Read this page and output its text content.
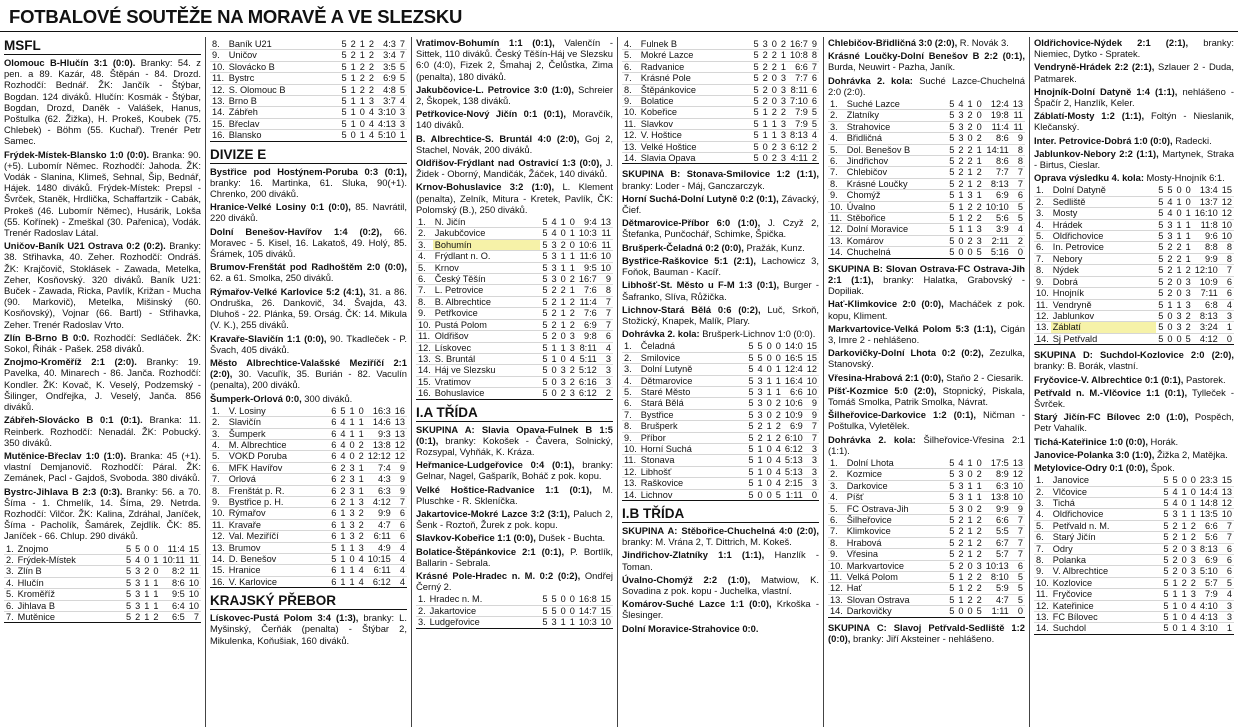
FOTBALOVÉ SOUTĚŽE NA MORAVĚ A VE SLEZSKU
MSFL
Olomouc B-Hlučín 3:1 (0:0). Branky: 54. z pen. a 89. Kazár, 48. Štěpán - 84. Drozd. Rozhodčí: Bednář. ŽK: Jančík - Štýbar, Bogdan. 124 diváků. Hlučín: Kosmák - Štýbar, Bogdan, Drozd, Daněk - Valášek, Hanus, Poštulka (62. Žižka), H. Prokeš, Koubek (75. Chlebek) - Böhm (55. Kuchař). Trenér Petr Samec.
Frýdek-Místek-Blansko 1:0 (0:0). Branka: 90. (+5). Lubomír Němec. Rozhodčí: Jahoda. ŽK: Vodák - Slanina, Klimeš, Sehnal, Šip, Bednář, Hájek. 1480 diváků. Frýdek-Místek: Prepsl - Švrček, Staněk, Hrdlička, Schaffartzik - Cabák, Prokeš (46. Lubomír Němec), Husárik, Lokša (55. Kořínek) - Zmeškal (30. Pařenica), Vodák. Trenér Radoslav Látal.
Uničov-Baník U21 Ostrava 0:2 (0:2). Branky: 38. Střihavka, 40. Zeher. Rozhodčí: Ondráš. ŽK: Krajčovič, Stoklásek - Zawada, Metelka, Zeher, Kosňovský. 320 diváků. Baník U21: Buček - Zawada, Ricka, Pavlík, Križan - Mucha (90. Markovič), Metelka, Mišinský (60. Kosňovský), Vojnar (66. Bartl) - Střihavka, Zeher. Trenér Radoslav Vrto.
Zlín B-Brno B 0:0. Rozhodčí: Sedláček. ŽK: Sokol, Řihák - Pašek. 258 diváků.
Znojmo-Kroměříž 2:1 (2:0). Branky: 19. Pavelka, 40. Minarech - 86. Janča. Rozhodčí: Kondler. ŽK: Kovač, K. Veselý, Podzemský - Šilinger, Ondřejka, J. Veselý, Janča. 856 diváků.
Zábřeh-Slovácko B 0:1 (0:1). Branka: 11. Reinberk. Rozhodčí: Nenadál. ŽK: Pobucký. 350 diváků.
Mutěnice-Břeclav 1:0 (1:0). Branka: 45 (+1). vlastní Demjanovič. Rozhodčí: Páral. ŽK: Zemánek, Pacl - Gajdoš, Svoboda. 380 diváků.
Bystrc-Jihlava B 2:3 (0:3). Branky: 56. a 70. Šíma - 1. Chmelík, 14. Šíma, 29. Netrda. Rozhodčí: Vilčor. ŽK: Kalina, Zdráhal, Janíček, Šíma - Pacholík, Šamárek, Zejdlík. ČK: 85. Janíček - 66. Chlup. 290 diváků.
1.	Znojmo	5	5	0	0	11:4	15
2.	Frýdek-Místek	5	4	0	1	10:11	11
3.	Zlín B	5	3	2	0	8:2	11
4.	Hlučín	5	3	1	1	8:6	10
5.	Kroměříž	5	3	1	1	9:5	10
6.	Jihlava B	5	3	1	1	6:4	10
7.	Mutěnice	5	2	1	2	6:5	7
8.	Baník U21	5	2	1	2	4:3	7
9.	Uničov	5	2	1	2	3:4	7
10.	Slovácko B	5	1	2	2	3:5	5
11.	Bystrc	5	1	2	2	6:9	5
12.	S. Olomouc B	5	1	2	2	4:8	5
13.	Brno B	5	1	1	3	3:7	4
14.	Zábřeh	5	1	0	4	3:10	3
15.	Břeclav	5	1	0	4	4:13	3
16.	Blansko	5	0	1	4	5:10	1
DIVIZE E
Bystřice pod Hostýnem-Poruba 0:3 (0:1), branky: 16. Martinka, 61. Sluka, 90(+1). Chrenko, 200 diváků.
Hranice-Velké Losiny 0:1 (0:0), 85. Navrátil, 220 diváků.
Dolní Benešov-Havířov 1:4 (0:2), 66. Moravec - 5. Kisel, 16. Lakatoš, 49. Holý, 85. Šrámek, 105 diváků.
Brumov-Frenštát pod Radhoštěm 2:0 (0:0), 62. a 61. Smolka, 250 diváků.
Rýmařov-Velké Karlovice 5:2 (4:1), 31. a 86. Ondruška, 26. Dankovič, 34. Švajda, 43. Dluhoš - 22. Plánka, 59. Orság. ČK: 14. Mikula (V. K.), 255 diváků.
Kravaře-Slavičín 1:1 (0:0), 90. Tkadleček - P. Švach, 405 diváků.
Město Albrechtice-Valašské Meziříčí 2:1 (2:0), 30. Vacuľík, 35. Burián - 82. Vaculín (penalta), 200 diváků.
Šumperk-Orlová 0:0, 300 diváků.
1.	V. Losiny	6	5	1	0	16:3	16
2.	Slavičín	6	4	1	1	14:6	13
3.	Šumperk	6	4	1	1	9:3	13
4.	M. Albrechtice	6	4	0	2	13:8	12
5.	VOKD Poruba	6	4	0	2	12:12	12
6.	MFK Havířov	6	2	3	1	7:4	9
7.	Orlová	6	2	3	1	4:3	9
8.	Frenštát p. R.	6	2	3	1	6:3	9
9.	Bystřice p. H.	6	2	1	3	4:12	7
10.	Rýmařov	6	1	3	2	9:9	6
11.	Kravaře	6	1	3	2	4:7	6
12.	Val. Meziříčí	6	1	3	2	6:11	6
13.	Brumov	5	1	1	3	4:9	4
14.	D. Benešov	5	1	0	4	10:15	4
15.	Hranice	6	1	1	4	6:11	4
16.	V. Karlovice	6	1	1	4	6:12	4
KRAJSKÝ PŘEBOR
Lískovec-Pustá Polom 3:4 (1:3), branky: L. Myšinský, Čerňák (penalta) - Štýbar 2, Mikulenka, Koňušiak, 160 diváků.
Vratimov-Bohumín 1:1 (0:1), Valenčín - Sittek, 110 diváků. Český Těšín-Háj ve Slezsku 6:0 (4:0), Fizek 2, Šmahaj 2, Čelůstka, Zima (penalta), 180 diváků.
Jakubčovice-L. Petrovice 3:0 (1:0), Schreier 2, Škopek, 138 diváků.
Petřkovice-Nový Jičín 0:1 (0:1), Moravčík, 140 diváků.
B. Albrechtice-S. Bruntál 4:0 (2:0), Goj 2, Stachel, Novák, 200 diváků.
Oldřišov-Frýdlant nad Ostravicí 1:3 (0:0), J. Židek - Oborný, Mandičák, Žáček, 140 diváků.
Krnov-Bohuslavice 3:2 (1:0), L. Klement (penalta), Zelník, Mitura - Kretek, Pavlík, ČK: Polomský (B.), 250 diváků.
1.	N. Jičín	5	4	1	0	9:4	13
2.	Jakubčovice	5	4	0	1	10:3	11
3.	Bohumín	5	3	2	0	10:6	11
4.	Frýdlant n. O.	5	3	1	1	11:6	10
5.	Krnov	5	3	1	1	9:5	10
6.	Český Těšín	5	3	0	2	16:7	9
7.	L. Petrovice	5	2	2	1	7:6	8
8.	B. Albrechtice	5	2	1	2	11:4	7
9.	Petřkovice	5	2	1	2	7:6	7
10.	Pustá Polom	5	2	1	2	6:9	7
11.	Oldřišov	5	2	0	3	9:8	6
12.	Lískovec	5	1	1	3	8:11	4
13.	S. Bruntál	5	1	0	4	5:11	3
14.	Háj ve Slezsku	5	0	3	2	5:12	3
15.	Vratimov	5	0	3	2	6:16	3
16.	Bohuslavice	5	0	2	3	6:12	2
I.A TŘÍDA
SKUPINA A: Slavia Opava-Fulnek B 1:5 (0:1), branky: Kokošek - Čavera, Solnický, Rozsypal, Vyhňák, K. Kráza.
Heřmanice-Ludgeřovice 0:4 (0:1), branky: Gelnar, Nagel, Gašparík, Boháč z pok. kopu.
Velké Hoštice-Radvanice 1:1 (0:1), M. Pluschke - R. Skleníčka.
Jakartovice-Mokré Lazce 3:2 (3:1), Paluch 2, Šenk - Roztoň, Žurek z pok. kopu.
Slavkov-Kobeřice 1:1 (0:0), Dušek - Buchta.
Bolatice-Štěpánkovice 2:1 (0:1), P. Bortlík, Ballarin - Sebrala.
Krásné Pole-Hradec n. M. 0:2 (0:2), Ondřej Černý 2.
1.	Hradec n. M.	5	5	0	0	16:8	15
2.	Jakartovice	5	5	0	0	14:7	15
3.	Ludgeřovice	5	3	1	1	10:3	10
4.	Fulnek B	5	3	0	2	16:7	9
5.	Mokré Lazce	5	2	2	1	10:8	8
6.	Radvanice	5	2	2	1	6:6	7
7.	Krásné Pole	5	2	0	3	7:7	6
8.	Štěpánkovice	5	2	0	3	8:11	6
9.	Bolatice	5	2	0	3	7:10	6
10.	Kobeřice	5	1	2	2	7:9	5
11.	Slavkov	5	1	1	3	7:9	5
12.	V. Hoštice	5	1	1	3	8:13	4
13.	Velké Hoštice	5	0	2	3	6:12	2
14.	Slavia Opava	5	0	2	3	4:11	2
SKUPINA B: Stonava-Smilovice 1:2 (1:1), branky: Loder - Máj, Ganczarczyk.
Horní Suchá-Dolní Lutyně 0:2 (0:1), Závacký, Čief.
Dětmarovice-Příbor 6:0 (1:0), J. Czyž 2, Štefanka, Punčochář, Schimke, Špička.
Brušperk-Čeladná 0:2 (0:0), Pražák, Kunz.
Bystřice-Raškovice 5:1 (2:1), Lachowicz 3, Foňok, Bauman - Kacíř.
Libhošť-St. Město u F-M 1:3 (0:1), Burger - Šafranko, Slíva, Růžička.
Lichnov-Stará Bělá 0:6 (0:2), Luč, Srkoň, Stožický, Knapek, Malík, Plary.
Dohrávka 2. kola: Brušperk-Lichnov 1:0 (0:0).
1.	Čeladná	5	5	0	0	14:0	15
2.	Smilovice	5	5	0	0	16:5	15
3.	Dolní Lutyně	5	4	0	1	12:4	12
4.	Dětmarovice	5	3	1	1	16:4	10
5.	Staré Město	5	3	1	1	6:6	10
6.	Stará Bělá	5	3	0	2	10:6	9
7.	Bystřice	5	3	0	2	10:9	9
8.	Brušperk	5	2	1	2	6:9	7
9.	Příbor	5	2	1	2	6:10	7
10.	Horní Suchá	5	1	0	4	6:12	3
11.	Stonava	5	1	0	4	5:13	3
12.	Libhošť	5	1	0	4	5:13	3
13.	Raškovice	5	1	0	4	2:15	3
14.	Lichnov	5	0	0	5	1:11	0
I.B TŘÍDA
SKUPINA A: Stěbořice-Chuchelná 4:0 (2:0), branky: M. Vrána 2, T. Dittrich, M. Kokeš.
Jindřichov-Zlatníky 1:1 (1:1), Hanzlík - Toman.
Úvalno-Chomýž 2:2 (1:0), Matwiow, K. Sovadina z pok. kopu - Juchelka, vlastní.
Komárov-Suché Lazce 1:1 (0:0), Krkoška - Šlesinger.
Dolní Moravice-Strahovice 0:0.
Chlebičov-Břidličná 3:0 (2:0), R. Novák 3.
Krásné Loučky-Dolní Benešov B 2:2 (0:1), Burda, Neuwirt - Pazha, Janík.
Dohrávka 2. kola: Suché Lazce-Chuchelná 2:0 (2:0).
1.	Suché Lazce	5	4	1	0	12:4	13
2.	Zlatníky	5	3	2	0	19:8	11
3.	Strahovice	5	3	2	0	11:4	11
4.	Břidličná	5	3	0	2	8:6	9
5.	Dol. Benešov B	5	2	2	1	14:11	8
6.	Jindřichov	5	2	2	1	8:6	8
7.	Chlebičov	5	2	1	2	7:7	7
8.	Krásné Loučky	5	2	1	2	8:13	7
9.	Chomýž	5	1	3	1	6:9	6
10.	Úvalno	5	1	2	2	10:10	5
11.	Stěbořice	5	1	2	2	5:6	5
12.	Dolní Moravice	5	1	1	3	3:9	4
13.	Komárov	5	0	2	3	2:11	2
14.	Chuchelná	5	0	0	5	5:16	0
SKUPINA B: Slovan Ostrava-FC Ostrava-Jih 2:1 (1:1), branky: Halatka, Grabovský - Dopiliak.
Hať-Klimkovice 2:0 (0:0), Macháček z pok. kopu, Kliment.
Markvartovice-Velká Polom 5:3 (1:1), Cigán 3, Imre 2 - nehlášeno.
Darkovičky-Dolní Lhota 0:2 (0:2), Zezulka, Stanovský.
Vřesina-Hrabová 2:1 (0:0), Staňo 2 - Ciesarik.
Píšť-Kozmice 5:0 (2:0), Stopnický, Piskala, Tomáš Smolka, Patrik Smolka, Návrat.
Šilheřovice-Darkovice 1:2 (0:1), Ničman - Poštulka, Vyletělek.
Dohrávka 2. kola: Šilheřovice-Vřesina 2:1 (1:1).
1.	Dolní Lhota	5	4	1	0	17:5	13
2.	Kozmice	5	3	0	2	8:9	12
3.	Darkovice	5	3	1	1	6:3	10
4.	Píšť	5	3	1	1	13:8	10
5.	FC Ostrava-Jih	5	3	0	2	9:9	9
6.	Šilheřovice	5	2	1	2	6:6	7
7.	Klimkovice	5	2	1	2	5:5	7
8.	Hrabová	5	2	1	2	6:7	7
9.	Vřesina	5	2	1	2	5:7	7
10.	Markvartovice	5	2	0	3	10:13	6
11.	Velká Polom	5	1	2	2	8:10	5
12.	Hať	5	1	2	2	5:9	5
13.	Slovan Ostrava	5	1	2	2	4:7	5
14.	Darkovičky	5	0	0	5	1:11	0
SKUPINA C: Slavoj Petřvald-Sedliště 1:2 (0:0), branky: Jiří Aksteiner - nehlášeno.
Oldřichovice-Nýdek 2:1 (2:1), branky: Niemiec, Dytko - Spratek.
Vendryně-Hrádek 2:2 (2:1), Szlauer 2 - Duda, Patmarek.
Hnojník-Dolní Datyně 1:4 (1:1), nehlášeno - Špačír 2, Hanzlík, Keler.
Záblatí-Mosty 1:2 (1:1), Foltýn - Nieslanik, Klečanský.
Inter. Petrovice-Dobrá 1:0 (0:0), Radecki.
Jablunkov-Nebory 2:2 (1:1), Martynek, Straka - Birtus, Cieslar.
Oprava výsledku 4. kola: Mosty-Hnojník 6:1.
1.	Dolní Datyně	5	5	0	0	13:4	15
2.	Sedliště	5	4	1	0	13:7	12
3.	Mosty	5	4	0	1	16:10	12
4.	Hrádek	5	3	1	1	11:8	10
5.	Oldřichovice	5	3	1	1	9:6	10
6.	In. Petrovice	5	2	2	1	8:8	8
7.	Nebory	5	2	2	1	9:9	8
8.	Nýdek	5	2	1	2	12:10	7
9.	Dobrá	5	2	0	3	10:9	6
10.	Hnojník	5	2	0	3	7:11	6
11.	Vendryně	5	1	1	3	6:8	4
12.	Jablunkov	5	0	3	2	8:13	3
13.	Záblatí	5	0	3	2	3:24	1
14.	Sj Petřvald	5	0	0	5	4:12	0
SKUPINA D: Suchdol-Kozlovice 2:0 (2:0), branky: B. Borák, vlastní.
Fryčovice-V. Albrechtice 0:1 (0:1), Pastorek.
Petřvald n. M.-Vlčovice 1:1 (0:1), Tylleček - Švrček.
Starý Jičín-FC Bílovec 2:0 (1:0), Pospěch, Petr Vahalík.
Tichá-Kateřinice 1:0 (0:0), Horák.
Janovice-Polanka 3:0 (1:0), Žižka 2, Matějka.
Metylovice-Odry 0:1 (0:0), Špok.
1.	Janovice	5	5	0	0	23:3	15
2.	Vlčovice	5	4	1	0	14:4	13
3.	Tichá	5	4	0	1	14:8	12
4.	Oldřichovice	5	3	1	1	13:5	10
5.	Petřvald n. M.	5	2	1	2	6:6	7
6.	Starý Jičín	5	2	1	2	5:6	7
7.	Odry	5	2	0	3	8:13	6
8.	Polanka	5	2	0	3	6:9	6
9.	V. Albrechtice	5	2	0	3	5:10	6
10.	Kozlovice	5	1	2	2	5:7	5
11.	Fryčovice	5	1	1	3	7:9	4
12.	Kateřinice	5	1	0	4	4:10	3
13.	FC Bílovec	5	1	0	4	4:13	3
14.	Suchdol	5	0	1	4	3:10	1
